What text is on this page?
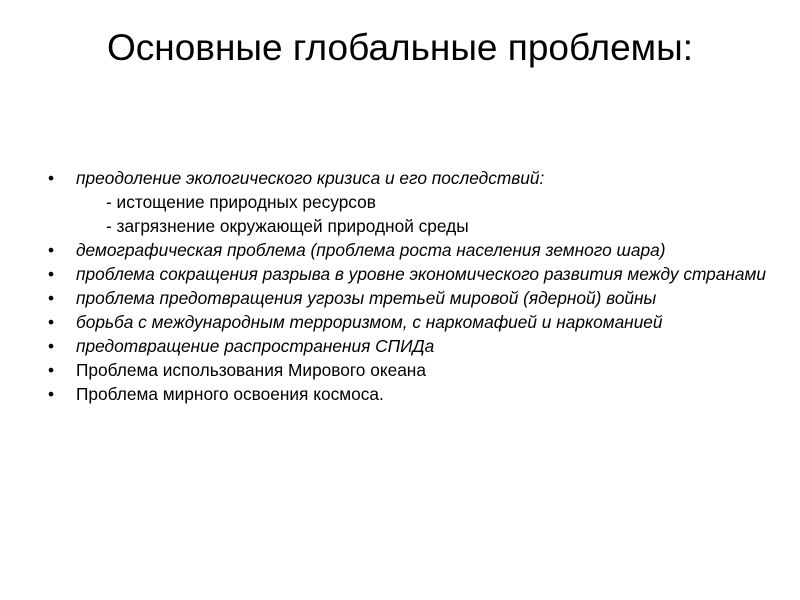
Основные глобальные проблемы:
•	преодоление экологического кризиса и его последствий:
- истощение природных ресурсов
- загрязнение окружающей природной среды
•	демографическая проблема (проблема роста населения земного шара)
•	проблема сокращения разрыва в уровне экономического развития между странами
•	проблема предотвращения угрозы третьей мировой (ядерной) войны
•	борьба с международным терроризмом, с наркомафией и наркоманией
•	предотвращение распространения СПИДа
•	Проблема использования Мирового океана
•	Проблема мирного освоения космоса.
